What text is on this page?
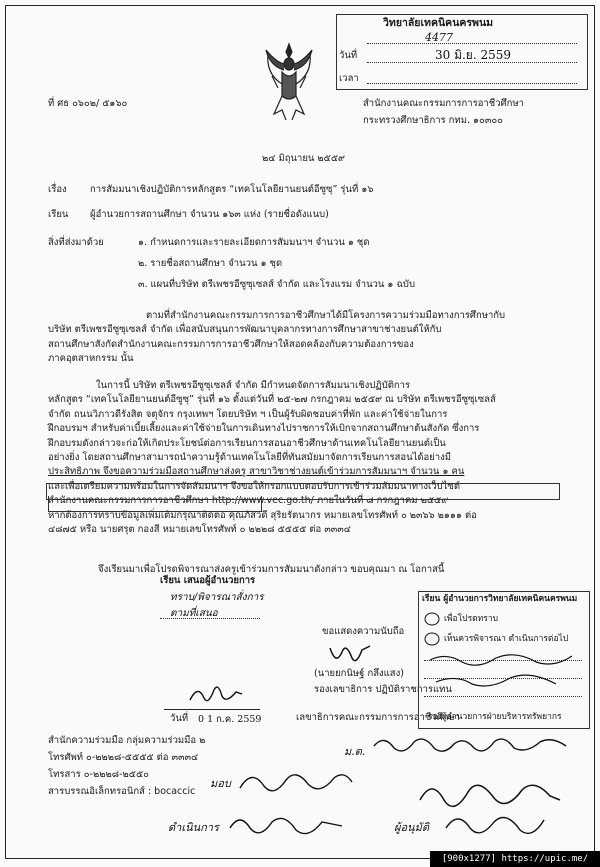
วิทยาลัยเทคนิคนครพนม
4477
วันที่	30 มิ.ย. 2559
เวลา
ที่ ศธ ๐๖๐๒/ ๕๑๖๐	สำนักงานคณะกรรมการการอาชีวศึกษา
กระทรวงศึกษาธิการ กทม. ๑๐๓๐๐
๒๔ มิถุนายน ๒๕๕๙
เรื่อง การสัมมนาเชิงปฏิบัติการหลักสูตร “เทคโนโลยียานยนต์อีซูซุ” รุ่นที่ ๑๖
เรียน ผู้อำนวยการสถานศึกษา จำนวน ๑๖๓ แห่ง (รายชื่อดังแนบ)
สิ่งที่ส่งมาด้วย	๑. กำหนดการและรายละเอียดการสัมมนาฯ จำนวน ๑ ชุด
๒. รายชื่อสถานศึกษา จำนวน ๑ ชุด
๓. แผนที่บริษัท ตรีเพชรอีซูซุเซลส์ จำกัด และโรงแรม จำนวน ๑ ฉบับ

ตามที่สำนักงานคณะกรรมการการอาชีวศึกษาได้มีโครงการความร่วมมือทางการศึกษากับ

บริษัท ตรีเพชรอีซูซุเซลส์ จำกัด เพื่อสนับสนุนการพัฒนาบุคลากรทางการศึกษาสาขาช่างยนต์ให้กับ

สถานศึกษาสังกัดสำนักงานคณะกรรมการการอาชีวศึกษาให้สอดคล้องกับความต้องการของ

ภาคอุตสาหกรรม นั้น

ในการนี้ บริษัท ตรีเพชรอีซูซุเซลส์ จำกัด มีกำหนดจัดการสัมมนาเชิงปฏิบัติการ

หลักสูตร “เทคโนโลยียานยนต์อีซูซุ” รุ่นที่ ๑๖ ตั้งแต่วันที่ ๒๕-๒๗ กรกฎาคม ๒๕๕๙ ณ บริษัท ตรีเพชรอีซูซุเซลส์

จำกัด ถนนวิภาวดีรังสิต จตุจักร กรุงเทพฯ โดยบริษัท ฯ เป็นผู้รับผิดชอบค่าที่พัก และค่าใช้จ่ายในการ

ฝึกอบรมฯ สำหรับค่าเบี้ยเลี้ยงและค่าใช้จ่ายในการเดินทางไปราชการให้เบิกจากสถานศึกษาต้นสังกัด ซึ่งการ

ฝึกอบรมดังกล่าวจะก่อให้เกิดประโยชน์ต่อการเรียนการสอนอาชีวศึกษาด้านเทคโนโลยียานยนต์เป็น

อย่างยิ่ง โดยสถานศึกษาสามารถนำความรู้ด้านเทคโนโลยีที่ทันสมัยมาจัดการเรียนการสอนได้อย่างมี

ประสิทธิภาพ จึงขอความร่วมมือสถานศึกษาส่งครู สาขาวิชาช่างยนต์เข้าร่วมการสัมมนาฯ จำนวน ๑ คน

และเพื่อเตรียมความพร้อมในการจัดสัมมนาฯ จึงขอให้กรอกแบบตอบรับการเข้าร่วมสัมมนาทางเว็บไซต์

สำนักงานคณะกรรมการการอาชีวศึกษา http://www.vec.go.th/ ภายในวันที่ ๘ กรกฎาคม ๒๕๕๙

หากต้องการทราบข้อมูลเพิ่มเติมกรุณาติดต่อ คุณภัสวดี สุริยรัตนากร หมายเลขโทรศัพท์ ๐ ๒๓๖๖ ๒๑๑๑ ต่อ

๔๘๗๕ หรือ นายศรุต กองสี หมายเลขโทรศัพท์ ๐ ๒๒๒๘ ๕๕๕๕ ต่อ ๓๓๓๔

จึงเรียนมาเพื่อโปรดพิจารณาส่งครูเข้าร่วมการสัมมนาดังกล่าว ขอบคุณมา ณ โอกาสนี้
เรียน เสนอผู้อำนวยการ
ทราบ/พิจารณาสั่งการ
ตามที่เสนอ
วันที่ 0 1 ก.ค. 2559
ขอแสดงความนับถือ
(นายยกนิษฐ์ กลึงแสง)
รองเลขาธิการ ปฏิบัติราชการแทน
เลขาธิการคณะกรรมการการอาชีวศึกษา
เรียน ผู้อำนวยการวิทยาลัยเทคนิคนครพนม
เพื่อโปรดทราบ
เห็นควรพิจารณา ดำเนินการต่อไป
รองผู้อำนวยการฝ่ายบริหารทรัพยากร
สำนักความร่วมมือ กลุ่มความร่วมมือ ๒
โทรศัพท์ ๐-๒๒๒๘-๕๕๕๕ ต่อ ๓๓๓๔
โทรสาร ๐-๒๒๒๘-๒๕๕๐
สารบรรณอิเล็กทรอนิกส์ : bocaccic
ม.ต.
มอบ
ดำเนินการ	ผู้อนุมัติ
[900x1277] https://upic.me/
